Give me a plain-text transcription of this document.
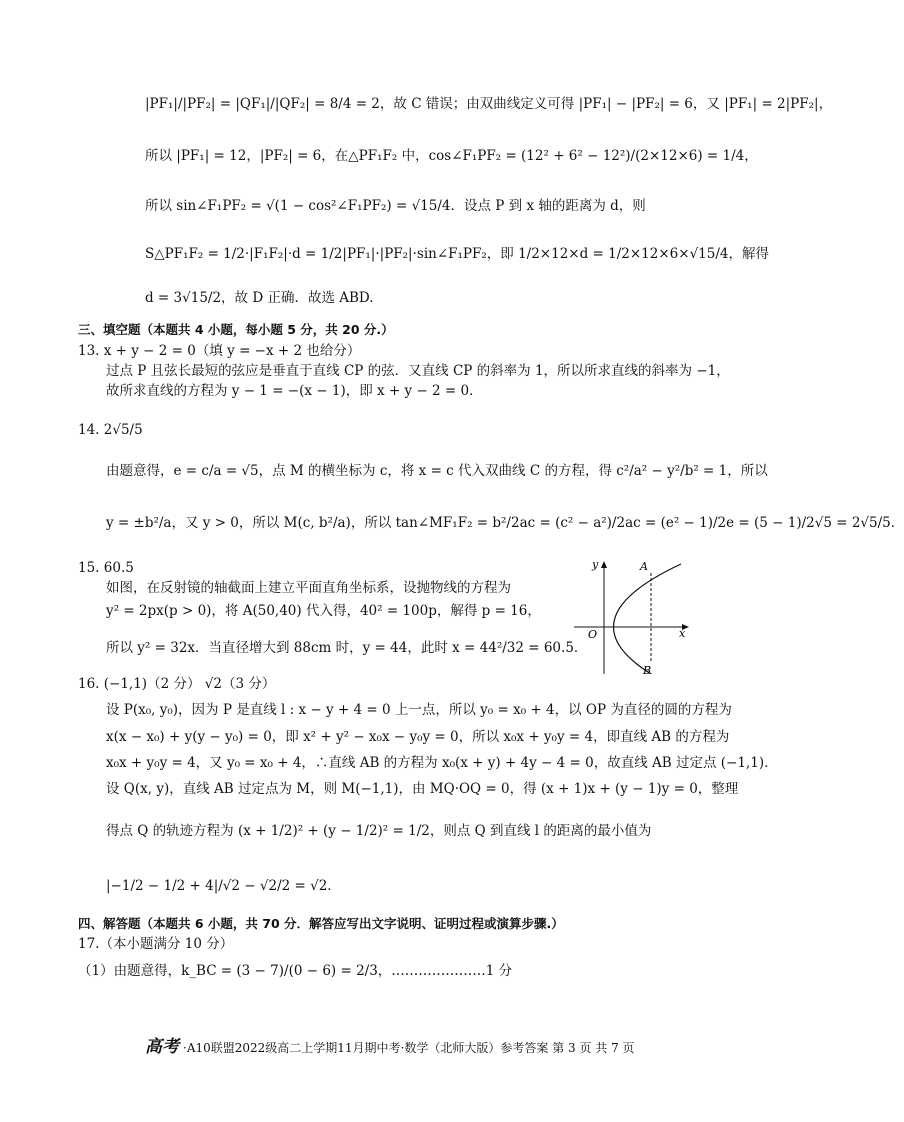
|PF₁|/|PF₂| = |QF₁|/|QF₂| = 8/4 = 2，故 C 错误；由双曲线定义可得 |PF₁| − |PF₂| = 6，又 |PF₁| = 2|PF₂|，
所以 |PF₁| = 12，|PF₂| = 6，在△PF₁F₂ 中，cos∠F₁PF₂ = (12² + 6² − 12²)/(2×12×6) = 1/4，
所以 sin∠F₁PF₂ = √(1 − cos²∠F₁PF₂) = √15/4．设点 P 到 x 轴的距离为 d，则
S△PF₁F₂ = 1/2·|F₁F₂|·d = 1/2|PF₁|·|PF₂|·sin∠F₁PF₂，即 1/2×12×d = 1/2×12×6×√15/4，解得
d = 3√15/2，故 D 正确．故选 ABD.
三、填空题（本题共 4 小题，每小题 5 分，共 20 分.）
13. x + y − 2 = 0（填 y = −x + 2 也给分）
过点 P 且弦长最短的弦应是垂直于直线 CP 的弦．又直线 CP 的斜率为 1，所以所求直线的斜率为 −1，
故所求直线的方程为 y − 1 = −(x − 1)，即 x + y − 2 = 0．
14. 2√5/5
由题意得，e = c/a = √5，点 M 的横坐标为 c，将 x = c 代入双曲线 C 的方程，得 c²/a² − y²/b² = 1，所以
y = ±b²/a，又 y > 0，所以 M(c, b²/a)，所以 tan∠MF₁F₂ = b²/2ac = (c² − a²)/2ac = (e² − 1)/2e = (5 − 1)/2√5 = 2√5/5．
15. 60.5
如图，在反射镜的轴截面上建立平面直角坐标系，设抛物线的方程为
y² = 2px(p > 0)，将 A(50,40) 代入得，40² = 100p，解得 p = 16，
所以 y² = 32x．当直径增大到 88cm 时，y = 44，此时 x = 44²/32 = 60.5．
y
x
O
A
B
16. (−1,1)（2 分） √2（3 分）
设 P(x₀, y₀)，因为 P 是直线 l : x − y + 4 = 0 上一点，所以 y₀ = x₀ + 4，以 OP 为直径的圆的方程为
x(x − x₀) + y(y − y₀) = 0，即 x² + y² − x₀x − y₀y = 0，所以 x₀x + y₀y = 4，即直线 AB 的方程为
x₀x + y₀y = 4，又 y₀ = x₀ + 4，∴直线 AB 的方程为 x₀(x + y) + 4y − 4 = 0，故直线 AB 过定点 (−1,1)．
设 Q(x, y)，直线 AB 过定点为 M，则 M(−1,1)，由 MQ·OQ = 0，得 (x + 1)x + (y − 1)y = 0，整理
得点 Q 的轨迹方程为 (x + 1/2)² + (y − 1/2)² = 1/2，则点 Q 到直线 l 的距离的最小值为
|−1/2 − 1/2 + 4|/√2 − √2/2 = √2．
四、解答题（本题共 6 小题，共 70 分．解答应写出文字说明、证明过程或演算步骤.）
17.（本小题满分 10 分）
（1）由题意得，k_BC = (3 − 7)/(0 − 6) = 2/3，…………………1 分
高考 ·A10联盟2022级高二上学期11月期中考·数学（北师大版）参考答案 第 3 页 共 7 页
